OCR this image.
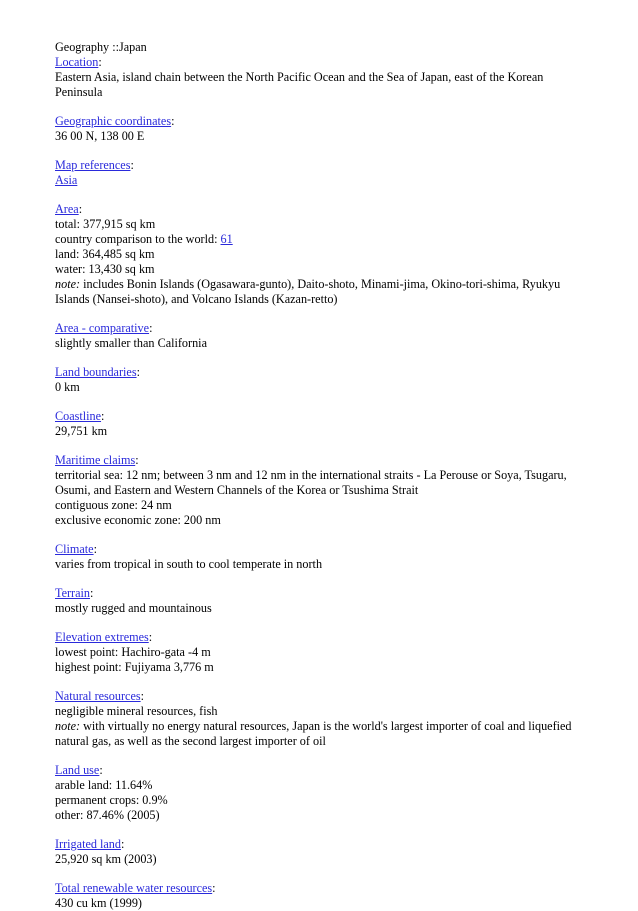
Geography ::Japan

Location:
Eastern Asia, island chain between the North Pacific Ocean and the Sea of Japan, east of the Korean Peninsula
Geographic coordinates:
36 00 N, 138 00 E
Map references:
Asia
Area:
total: 377,915 sq km
country comparison to the world: 61
land: 364,485 sq km
water: 13,430 sq km
note: includes Bonin Islands (Ogasawara-gunto), Daito-shoto, Minami-jima, Okino-tori-shima, Ryukyu Islands (Nansei-shoto), and Volcano Islands (Kazan-retto)
Area - comparative:
slightly smaller than California
Land boundaries:
0 km
Coastline:
29,751 km
Maritime claims:
territorial sea: 12 nm; between 3 nm and 12 nm in the international straits - La Perouse or Soya, Tsugaru, Osumi, and Eastern and Western Channels of the Korea or Tsushima Strait
contiguous zone: 24 nm
exclusive economic zone: 200 nm
Climate:
varies from tropical in south to cool temperate in north
Terrain:
mostly rugged and mountainous
Elevation extremes:
lowest point: Hachiro-gata -4 m
highest point: Fujiyama 3,776 m
Natural resources:
negligible mineral resources, fish
note: with virtually no energy natural resources, Japan is the world's largest importer of coal and liquefied natural gas, as well as the second largest importer of oil
Land use:
arable land: 11.64%
permanent crops: 0.9%
other: 87.46% (2005)
Irrigated land:
25,920 sq km (2003)
Total renewable water resources:
430 cu km (1999)
